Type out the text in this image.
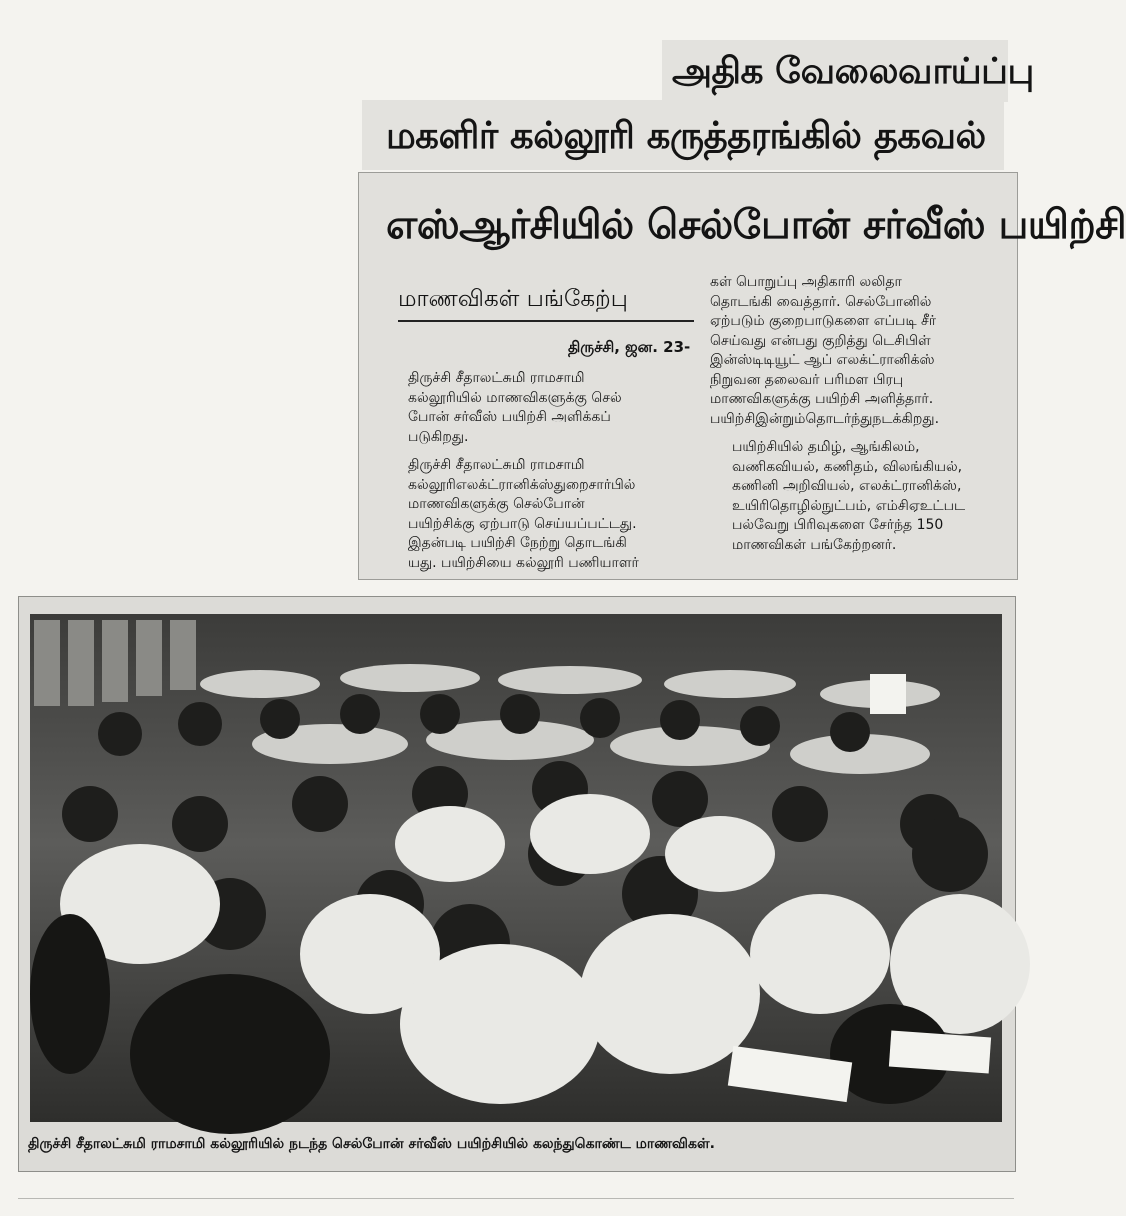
அதிக வேலைவாய்ப்பு
மகளிர் கல்லூரி கருத்தரங்கில் தகவல்
எஸ்ஆர்சியில் செல்போன் சர்வீஸ் பயிற்சி
மாணவிகள் பங்கேற்பு
திருச்சி, ஜன. 23-

திருச்சி சீதாலட்சுமி ராமசாமி
கல்லூரியில் மாணவிகளுக்கு செல்
போன் சர்வீஸ் பயிற்சி அளிக்கப்
படுகிறது.

திருச்சி சீதாலட்சுமி ராமசாமி
கல்லூரிஎலக்ட்ரானிக்ஸ்துறைசார்பில்
மாணவிகளுக்கு செல்போன்
பயிற்சிக்கு ஏற்பாடு செய்யப்பட்டது.
இதன்படி பயிற்சி நேற்று தொடங்கி
யது. பயிற்சியை கல்லூரி பணியாளர்

கள் பொறுப்பு அதிகாரி லலிதா
தொடங்கி வைத்தார். செல்போனில்
ஏற்படும் குறைபாடுகளை எப்படி சீர்
செய்வது என்பது குறித்து டெசிபிள்
இன்ஸ்டிடியூட் ஆப் எலக்ட்ரானிக்ஸ்
நிறுவன தலைவர் பரிமள பிரபு
மாணவிகளுக்கு பயிற்சி அளித்தார்.
பயிற்சிஇன்றும்தொடர்ந்துநடக்கிறது.

பயிற்சியில் தமிழ், ஆங்கிலம்,
வணிகவியல், கணிதம், விலங்கியல்,
கணினி அறிவியல், எலக்ட்ரானிக்ஸ்,
உயிரிதொழில்நுட்பம், எம்சிஏஉட்பட
பல்வேறு பிரிவுகளை சேர்ந்த 150
மாணவிகள் பங்கேற்றனர்.

திருச்சி சீதாலட்சுமி ராமசாமி கல்லூரியில் நடந்த செல்போன் சர்வீஸ் பயிற்சியில் கலந்துகொண்ட மாணவிகள்.
